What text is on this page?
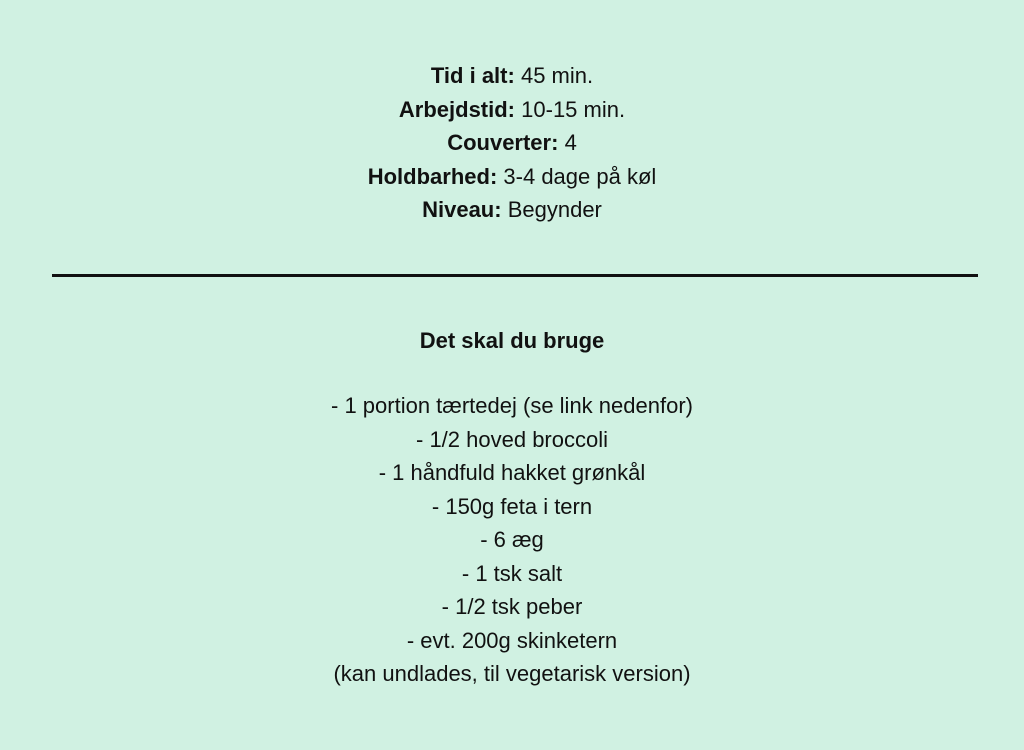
Tid i alt: 45 min.
Arbejdstid: 10-15 min.
Couverter: 4
Holdbarhed: 3-4 dage på køl
Niveau: Begynder
Det skal du bruge
- 1 portion tærtedej (se link nedenfor)
- 1/2 hoved broccoli
- 1 håndfuld hakket grønkål
- 150g feta i tern
- 6 æg
- 1 tsk salt
- 1/2 tsk peber
- evt. 200g skinketern
(kan undlades, til vegetarisk version)
